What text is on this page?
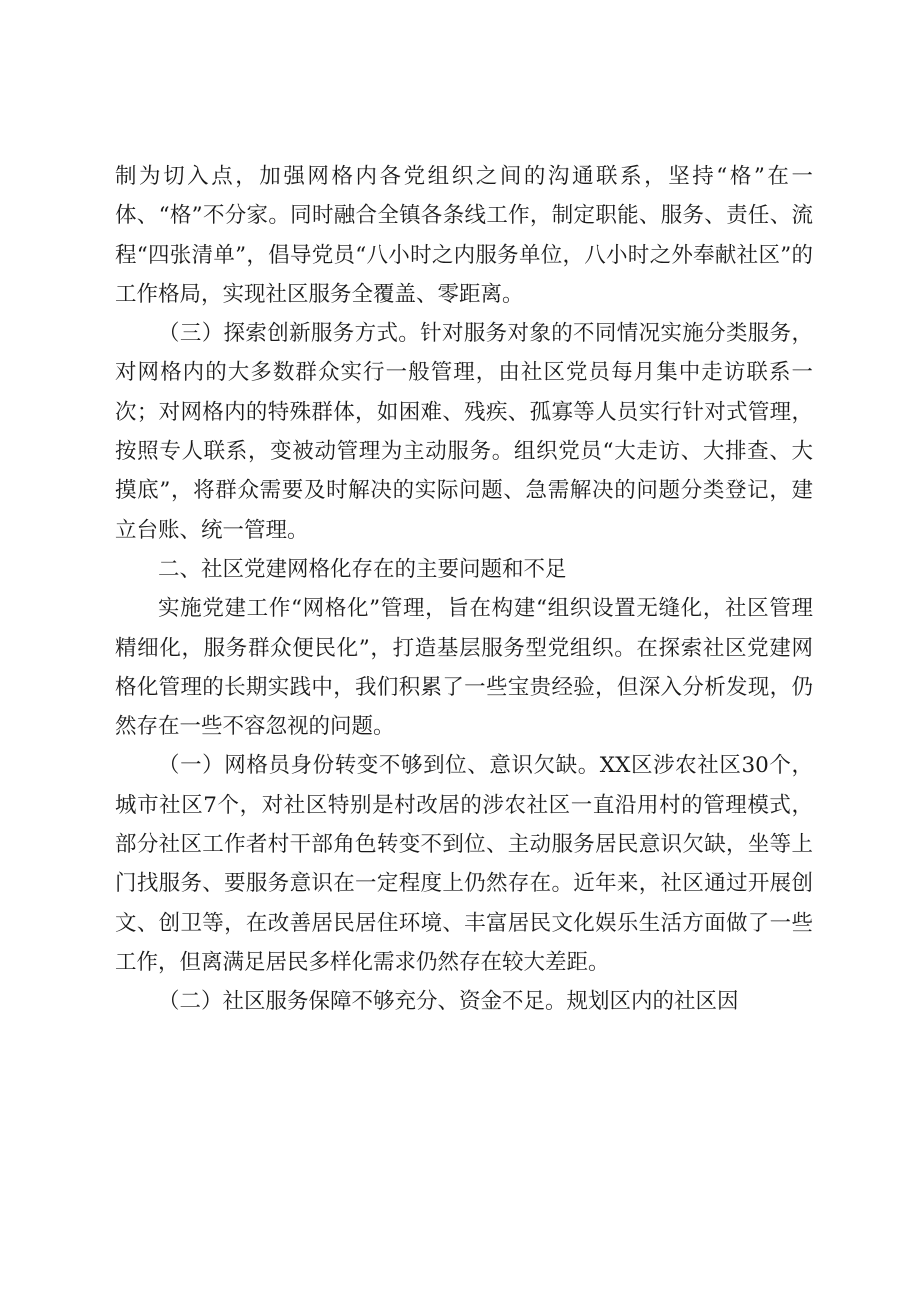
制为切入点，加强网格内各党组织之间的沟通联系，坚持“格”在一体、“格”不分家。同时融合全镇各条线工作，制定职能、服务、责任、流程“四张清单”，倡导党员“八小时之内服务单位，八小时之外奉献社区”的工作格局，实现社区服务全覆盖、零距离。

（三）探索创新服务方式。针对服务对象的不同情况实施分类服务，对网格内的大多数群众实行一般管理，由社区党员每月集中走访联系一次；对网格内的特殊群体，如困难、残疾、孤寡等人员实行针对式管理，按照专人联系，变被动管理为主动服务。组织党员“大走访、大排查、大摸底”，将群众需要及时解决的实际问题、急需解决的问题分类登记，建立台账、统一管理。

二、社区党建网格化存在的主要问题和不足

实施党建工作“网格化”管理，旨在构建“组织设置无缝化，社区管理精细化，服务群众便民化”，打造基层服务型党组织。在探索社区党建网格化管理的长期实践中，我们积累了一些宝贵经验，但深入分析发现，仍然存在一些不容忽视的问题。

（一）网格员身份转变不够到位、意识欠缺。XX区涉农社区30个，城市社区7个，对社区特别是村改居的涉农社区一直沿用村的管理模式，部分社区工作者村干部角色转变不到位、主动服务居民意识欠缺，坐等上门找服务、要服务意识在一定程度上仍然存在。近年来，社区通过开展创文、创卫等，在改善居民居住环境、丰富居民文化娱乐生活方面做了一些工作，但离满足居民多样化需求仍然存在较大差距。

（二）社区服务保障不够充分、资金不足。规划区内的社区因
